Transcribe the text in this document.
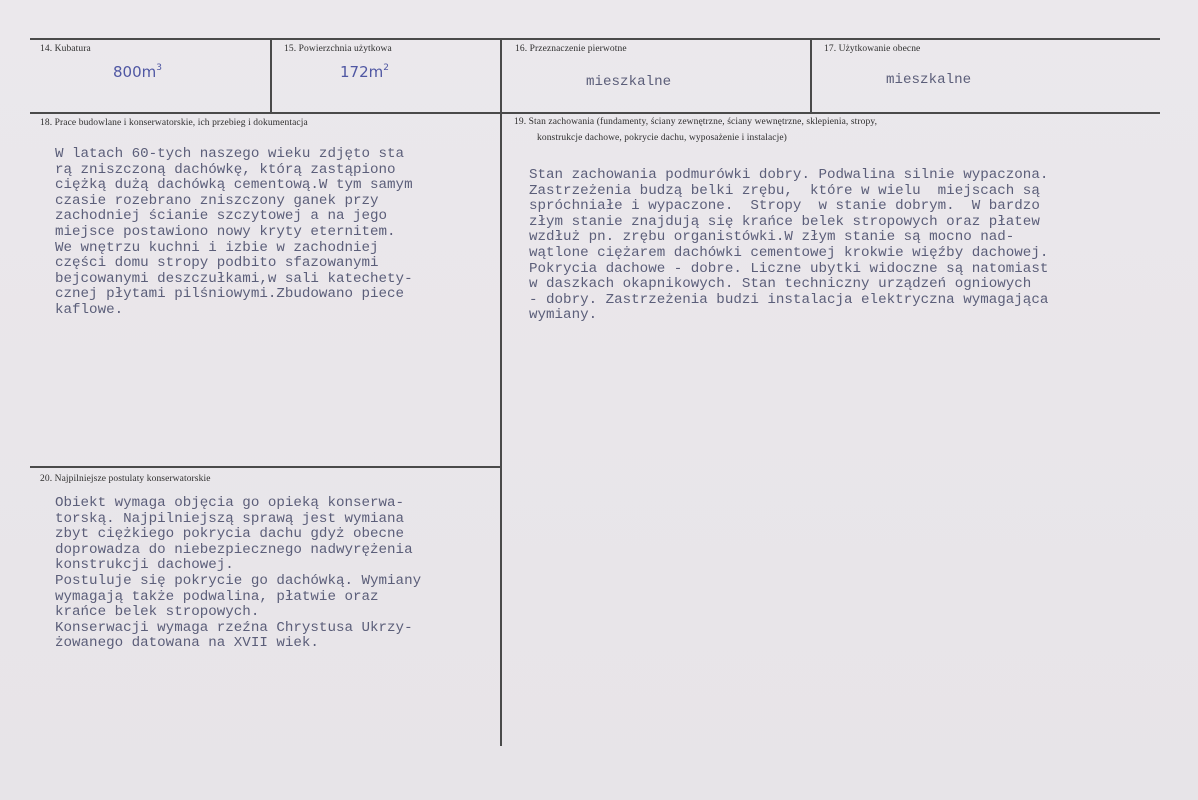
14. Kubatura
$800m^3$
15. Powierzchnia użytkowa
$172m^2$
16. Przeznaczenie pierwotne
mieszkalne
17. Użytkowanie obecne
mieszkalne
18. Prace budowlane i konserwatorskie, ich przebieg i dokumentacja
W latach 60-tych naszego wieku zdjęto sta
rą zniszczoną dachówkę, którą zastąpiono
ciężką dużą dachówką cementową.W tym samym
czasie rozebrano zniszczony ganek przy
zachodniej ścianie szczytowej a na jego
miejsce postawiono nowy kryty eternitem.
We wnętrzu kuchni i izbie w zachodniej
części domu stropy podbito sfazowanymi
bejcowanymi deszczułkami,w sali katechety-
cznej płytami pilśniowymi.Zbudowano piece
kaflowe.
19. Stan zachowania (fundamenty, ściany zewnętrzne, ściany wewnętrzne, sklepienia, stropy,
konstrukcje dachowe, pokrycie dachu, wyposażenie i instalacje)
Stan zachowania podmurówki dobry. Podwalina silnie wypaczona.
Zastrzeżenia budzą belki zrębu,  które w wielu  miejscach są
spróchniałe i wypaczone.  Stropy  w stanie dobrym.  W bardzo
złym stanie znajdują się krańce belek stropowych oraz płatew
wzdłuż pn. zrębu organistówki.W złym stanie są mocno nad-
wątlone ciężarem dachówki cementowej krokwie więźby dachowej.
Pokrycia dachowe - dobre. Liczne ubytki widoczne są natomiast
w daszkach okapnikowych. Stan techniczny urządzeń ogniowych
- dobry. Zastrzeżenia budzi instalacja elektryczna wymagająca
wymiany.
20. Najpilniejsze postulaty konserwatorskie
Obiekt wymaga objęcia go opieką konserwa-
torską. Najpilniejszą sprawą jest wymiana
zbyt ciężkiego pokrycia dachu gdyż obecne
doprowadza do niebezpiecznego nadwyrężenia
konstrukcji dachowej.
Postuluje się pokrycie go dachówką. Wymiany
wymagają także podwalina, płatwie oraz
krańce belek stropowych.
Konserwacji wymaga rzeźna Chrystusa Ukrzy-
żowanego datowana na XVII wiek.
